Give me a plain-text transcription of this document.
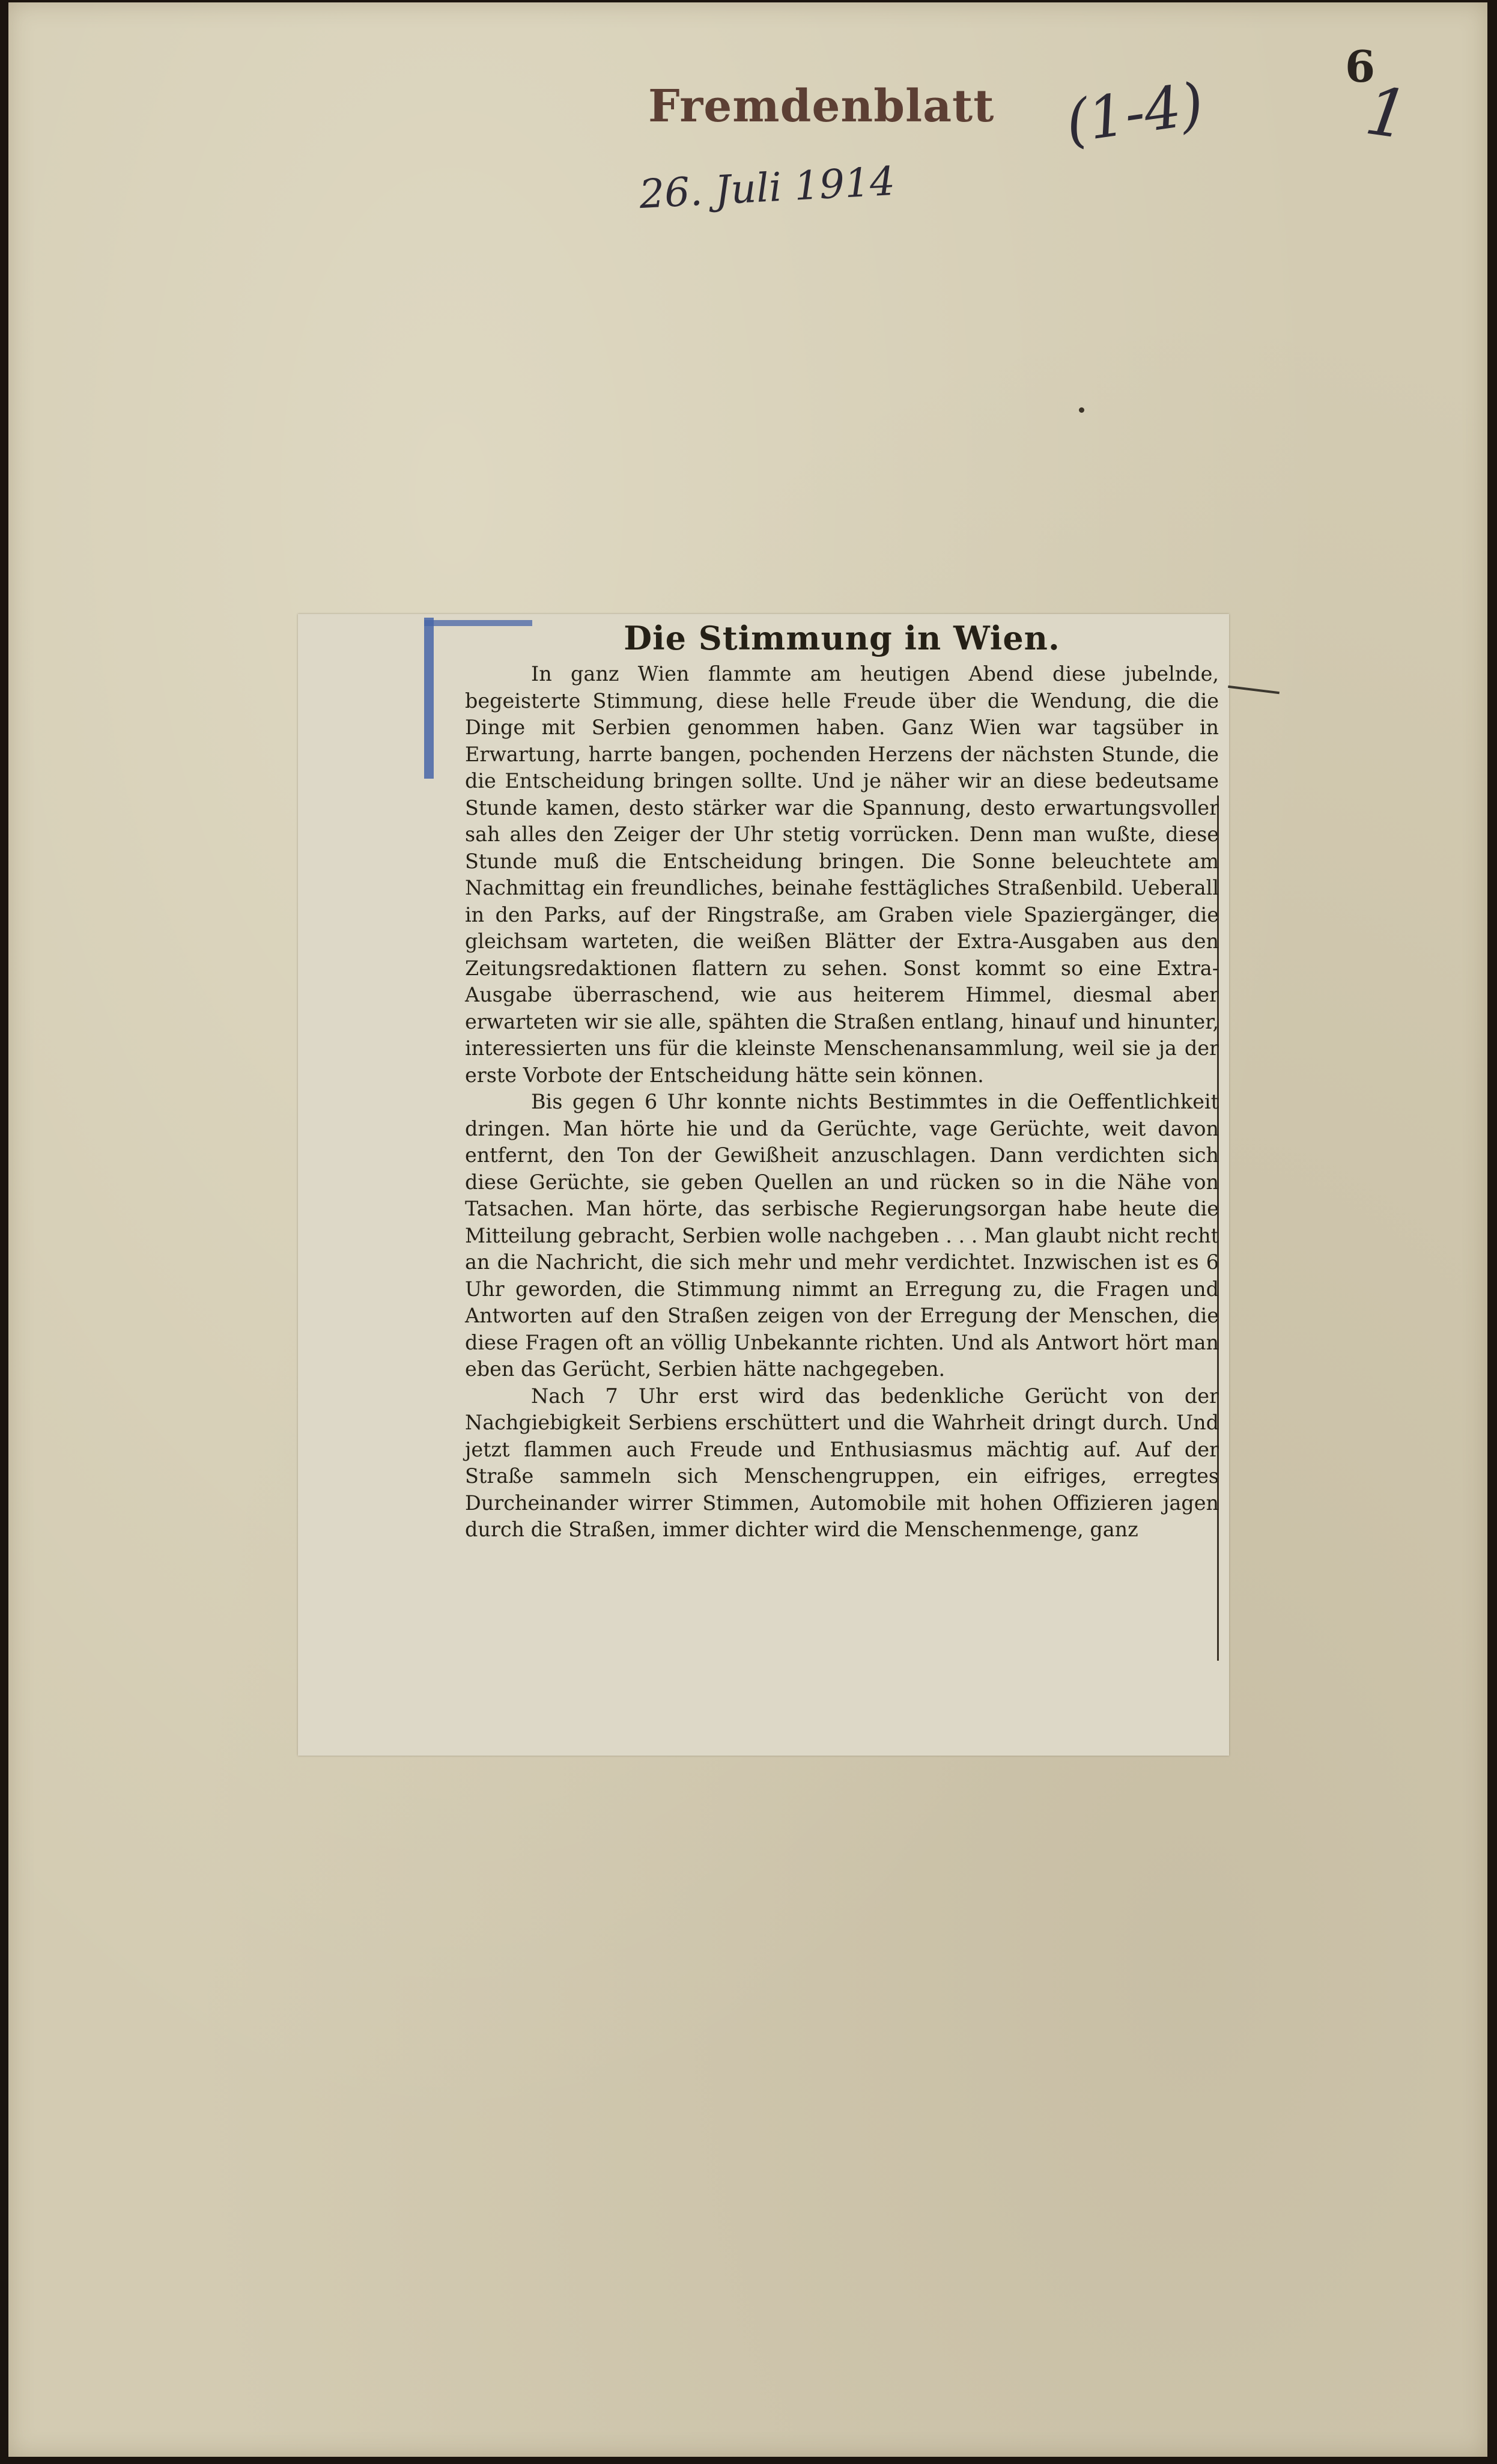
Fremdenblatt (1-4)
26. Juli 1914
6
1
Die Stimmung in Wien.

In ganz Wien flammte am heutigen Abend diese jubelnde, begeisterte Stimmung, diese helle Freude über die Wendung, die die Dinge mit Serbien genommen haben. Ganz Wien war tagsüber in Erwartung, harrte bangen, pochenden Herzens der nächsten Stunde, die die Entscheidung bringen sollte. Und je näher wir an diese bedeutsame Stunde kamen, desto stärker war die Spannung, desto erwartungsvoller sah alles den Zeiger der Uhr stetig vorrücken. Denn man wußte, diese Stunde muß die Entscheidung bringen. Die Sonne beleuchtete am Nachmittag ein freundliches, beinahe festtägliches Straßenbild. Ueberall in den Parks, auf der Ringstraße, am Graben viele Spaziergänger, die gleichsam warteten, die weißen Blätter der Extra-Ausgaben aus den Zeitungsredaktionen flattern zu sehen. Sonst kommt so eine Extra-Ausgabe überraschend, wie aus heiterem Himmel, diesmal aber erwarteten wir sie alle, spähten die Straßen entlang, hinauf und hinunter, interessierten uns für die kleinste Menschenansammlung, weil sie ja der erste Vorbote der Entscheidung hätte sein können.

Bis gegen 6 Uhr konnte nichts Bestimmtes in die Oeffentlichkeit dringen. Man hörte hie und da Gerüchte, vage Gerüchte, weit davon entfernt, den Ton der Gewißheit anzuschlagen. Dann verdichten sich diese Gerüchte, sie geben Quellen an und rücken so in die Nähe von Tatsachen. Man hörte, das serbische Regierungsorgan habe heute die Mitteilung gebracht, Serbien wolle nachgeben . . . Man glaubt nicht recht an die Nachricht, die sich mehr und mehr verdichtet. Inzwischen ist es 6 Uhr geworden, die Stimmung nimmt an Erregung zu, die Fragen und Antworten auf den Straßen zeigen von der Erregung der Menschen, die diese Fragen oft an völlig Unbekannte richten. Und als Antwort hört man eben das Gerücht, Serbien hätte nachgegeben.

Nach 7 Uhr erst wird das bedenkliche Gerücht von der Nachgiebigkeit Serbiens erschüttert und die Wahrheit dringt durch. Und jetzt flammen auch Freude und Enthusiasmus mächtig auf. Auf der Straße sammeln sich Menschengruppen, ein eifriges, erregtes Durcheinander wirrer Stimmen, Automobile mit hohen Offizieren jagen durch die Straßen, immer dichter wird die Menschenmenge, ganz
